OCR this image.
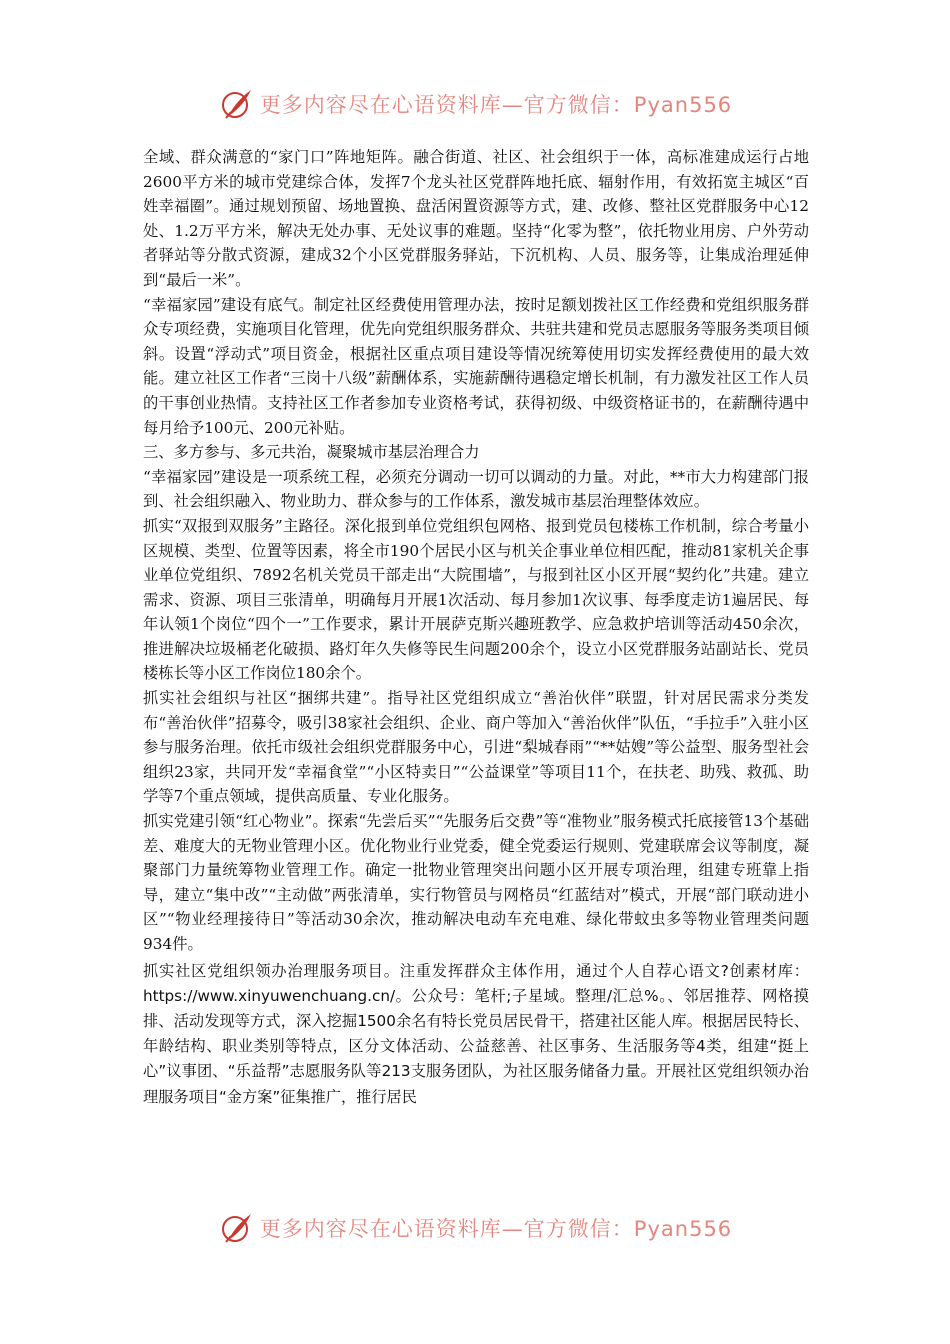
更多内容尽在心语资料库—官方微信：Pyan556

全域、群众满意的“家门口”阵地矩阵。融合街道、社区、社会组织于一体，高标准建成运行占地2600平方米的城市党建综合体，发挥7个龙头社区党群阵地托底、辐射作用，有效拓宽主城区“百姓幸福圈”。通过规划预留、场地置换、盘活闲置资源等方式，建、改修、整社区党群服务中心12处、1.2万平方米，解决无处办事、无处议事的难题。坚持“化零为整”，依托物业用房、户外劳动者驿站等分散式资源，建成32个小区党群服务驿站，下沉机构、人员、服务等，让集成治理延伸到“最后一米”。

“幸福家园”建设有底气。制定社区经费使用管理办法，按时足额划拨社区工作经费和党组织服务群众专项经费，实施项目化管理，优先向党组织服务群众、共驻共建和党员志愿服务等服务类项目倾斜。设置“浮动式”项目资金，根据社区重点项目建设等情况统筹使用切实发挥经费使用的最大效能。建立社区工作者“三岗十八级”薪酬体系，实施薪酬待遇稳定增长机制，有力激发社区工作人员的干事创业热情。支持社区工作者参加专业资格考试，获得初级、中级资格证书的，在薪酬待遇中每月给予100元、200元补贴。

三、多方参与、多元共治，凝聚城市基层治理合力

“幸福家园”建设是一项系统工程，必须充分调动一切可以调动的力量。对此，**市大力构建部门报到、社会组织融入、物业助力、群众参与的工作体系，激发城市基层治理整体效应。

抓实“双报到双服务”主路径。深化报到单位党组织包网格、报到党员包楼栋工作机制，综合考量小区规模、类型、位置等因素，将全市190个居民小区与机关企事业单位相匹配，推动81家机关企事业单位党组织、7892名机关党员干部走出“大院围墙”，与报到社区小区开展“契约化”共建。建立需求、资源、项目三张清单，明确每月开展1次活动、每月参加1次议事、每季度走访1遍居民、每年认领1个岗位“四个一”工作要求，累计开展萨克斯兴趣班教学、应急救护培训等活动450余次，推进解决垃圾桶老化破损、路灯年久失修等民生问题200余个，设立小区党群服务站副站长、党员楼栋长等小区工作岗位180余个。

抓实社会组织与社区“捆绑共建”。指导社区党组织成立“善治伙伴”联盟，针对居民需求分类发布“善治伙伴”招募令，吸引38家社会组织、企业、商户等加入“善治伙伴”队伍，“手拉手”入驻小区参与服务治理。依托市级社会组织党群服务中心，引进“梨城春雨”“**姑嫂”等公益型、服务型社会组织23家，共同开发“幸福食堂”“小区特卖日”“公益课堂”等项目11个，在扶老、助残、救孤、助学等7个重点领域，提供高质量、专业化服务。

抓实党建引领“红心物业”。探索“先尝后买”“先服务后交费”等“准物业”服务模式托底接管13个基础差、难度大的无物业管理小区。优化物业行业党委，健全党委运行规则、党建联席会议等制度，凝聚部门力量统筹物业管理工作。确定一批物业管理突出问题小区开展专项治理，组建专班靠上指导，建立“集中改”“主动做”两张清单，实行物管员与网格员“红蓝结对”模式，开展“部门联动进小区”“物业经理接待日”等活动30余次，推动解决电动车充电难、绿化带蚊虫多等物业管理类问题934件。

抓实社区党组织领办治理服务项目。注重发挥群众主体作用，通过个人自荐心语文?创素材库：https://www.xinyuwenchuang.cn/。公众号：笔杆;子星域。整理/汇总%。、邻居推荐、网格摸排、活动发现等方式，深入挖掘1500余名有特长党员居民骨干，搭建社区能人库。根据居民特长、年龄结构、职业类别等特点，区分文体活动、公益慈善、社区事务、生活服务等4类，组建“挺上心”议事团、“乐益帮”志愿服务队等213支服务团队，为社区服务储备力量。开展社区党组织领办治理服务项目“金方案”征集推广，推行居民

更多内容尽在心语资料库—官方微信：Pyan556
